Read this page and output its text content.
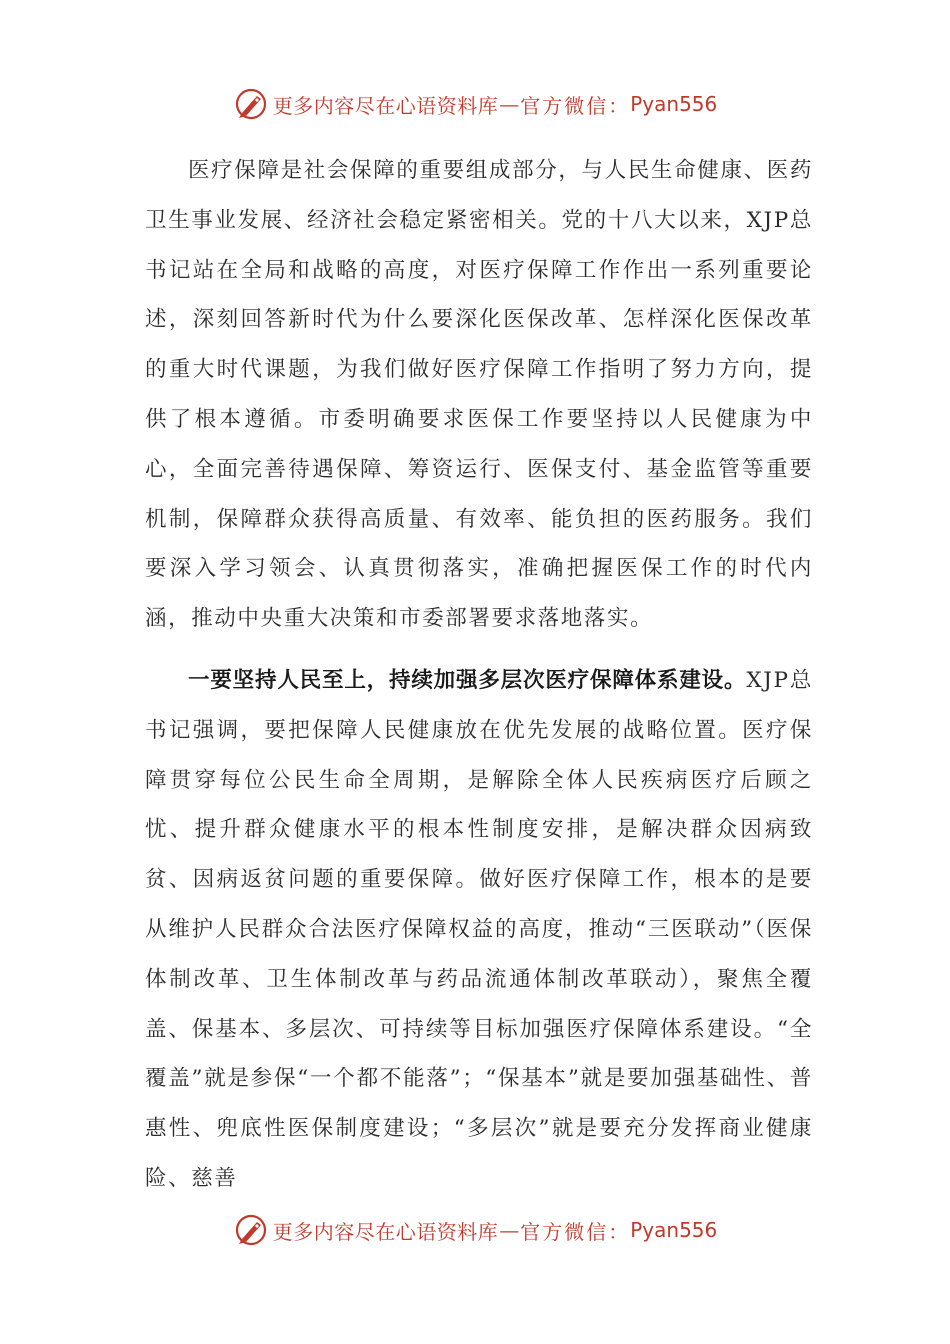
更多内容尽在心语资料库 — 官方微信： Pyan556

医疗保障是社会保障的重要组成部分，与人民生命健康、医药卫生事业发展、经济社会稳定紧密相关。党的十八大以来，XJP总书记站在全局和战略的高度，对医疗保障工作作出一系列重要论述，深刻回答新时代为什么要深化医保改革、怎样深化医保改革的重大时代课题，为我们做好医疗保障工作指明了努力方向，提供了根本遵循。市委明确要求医保工作要坚持以人民健康为中心，全面完善待遇保障、筹资运行、医保支付、基金监管等重要机制，保障群众获得高质量、有效率、能负担的医药服务。我们要深入学习领会、认真贯彻落实，准确把握医保工作的时代内涵，推动中央重大决策和市委部署要求落地落实。

一要坚持人民至上，持续加强多层次医疗保障体系建设。XJP总书记强调，要把保障人民健康放在优先发展的战略位置。医疗保障贯穿每位公民生命全周期，是解除全体人民疾病医疗后顾之忧、提升群众健康水平的根本性制度安排，是解决群众因病致贫、因病返贫问题的重要保障。做好医疗保障工作，根本的是要从维护人民群众合法医疗保障权益的高度，推动“三医联动”（医保体制改革、卫生体制改革与药品流通体制改革联动），聚焦全覆盖、保基本、多层次、可持续等目标加强医疗保障体系建设。“全覆盖”就是参保“一个都不能落”；“保基本”就是要加强基础性、普惠性、兜底性医保制度建设；“多层次”就是要充分发挥商业健康险、慈善

更多内容尽在心语资料库 — 官方微信： Pyan556
